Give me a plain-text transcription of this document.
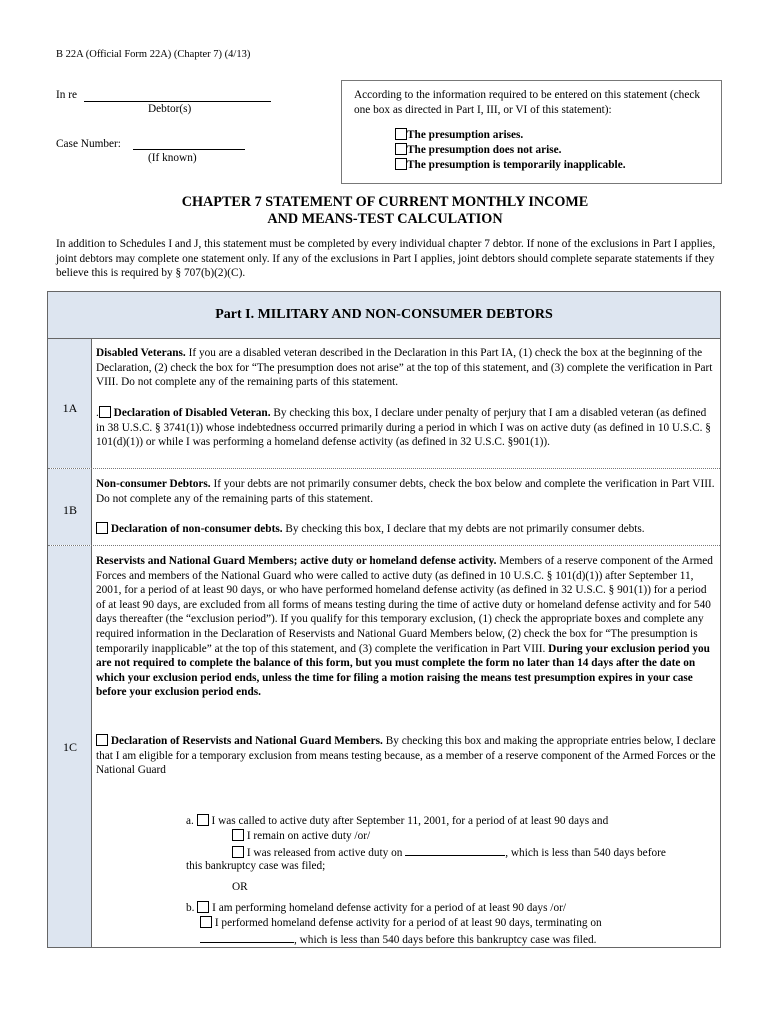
B 22A (Official Form 22A) (Chapter 7) (4/13)
In re
Debtor(s)
Case Number:
(If known)
According to the information required to be entered on this statement (check one box as directed in Part I, III, or VI of this statement):
The presumption arises.
The presumption does not arise.
The presumption is temporarily inapplicable.
CHAPTER 7 STATEMENT OF CURRENT MONTHLY INCOME
AND MEANS-TEST CALCULATION
In addition to Schedules I and J, this statement must be completed by every individual chapter 7 debtor. If none of the exclusions in Part I applies, joint debtors may complete one statement only. If any of the exclusions in Part I applies, joint debtors should complete separate statements if they believe this is required by § 707(b)(2)(C).
Part I. MILITARY AND NON-CONSUMER DEBTORS
1A
1B
1C
Disabled Veterans. If you are a disabled veteran described in the Declaration in this Part IA, (1) check the box at the beginning of the Declaration, (2) check the box for “The presumption does not arise” at the top of this statement, and (3) complete the verification in Part VIII. Do not complete any of the remaining parts of this statement.
. Declaration of Disabled Veteran. By checking this box, I declare under penalty of perjury that I am a disabled veteran (as defined in 38 U.S.C. § 3741(1)) whose indebtedness occurred primarily during a period in which I was on active duty (as defined in 10 U.S.C. § 101(d)(1)) or while I was performing a homeland defense activity (as defined in 32 U.S.C. §901(1)).
Non-consumer Debtors. If your debts are not primarily consumer debts, check the box below and complete the verification in Part VIII. Do not complete any of the remaining parts of this statement.
Declaration of non-consumer debts. By checking this box, I declare that my debts are not primarily consumer debts.
Reservists and National Guard Members; active duty or homeland defense activity. Members of a reserve component of the Armed Forces and members of the National Guard who were called to active duty (as defined in 10 U.S.C. § 101(d)(1)) after September 11, 2001, for a period of at least 90 days, or who have performed homeland defense activity (as defined in 32 U.S.C. § 901(1)) for a period of at least 90 days, are excluded from all forms of means testing during the time of active duty or homeland defense activity and for 540 days thereafter (the “exclusion period”). If you qualify for this temporary exclusion, (1) check the appropriate boxes and complete any required information in the Declaration of Reservists and National Guard Members below, (2) check the box for “The presumption is temporarily inapplicable” at the top of this statement, and (3) complete the verification in Part VIII. During your exclusion period you are not required to complete the balance of this form, but you must complete the form no later than 14 days after the date on which your exclusion period ends, unless the time for filing a motion raising the means test presumption expires in your case before your exclusion period ends.
Declaration of Reservists and National Guard Members. By checking this box and making the appropriate entries below, I declare that I am eligible for a temporary exclusion from means testing because, as a member of a reserve component of the Armed Forces or the National Guard
a. I was called to active duty after September 11, 2001, for a period of at least 90 days and
I remain on active duty /or/
I was released from active duty on	, which is less than 540 days before
this bankruptcy case was filed;
OR
b. I am performing homeland defense activity for a period of at least 90 days /or/
I performed homeland defense activity for a period of at least 90 days, terminating on
, which is less than 540 days before this bankruptcy case was filed.
